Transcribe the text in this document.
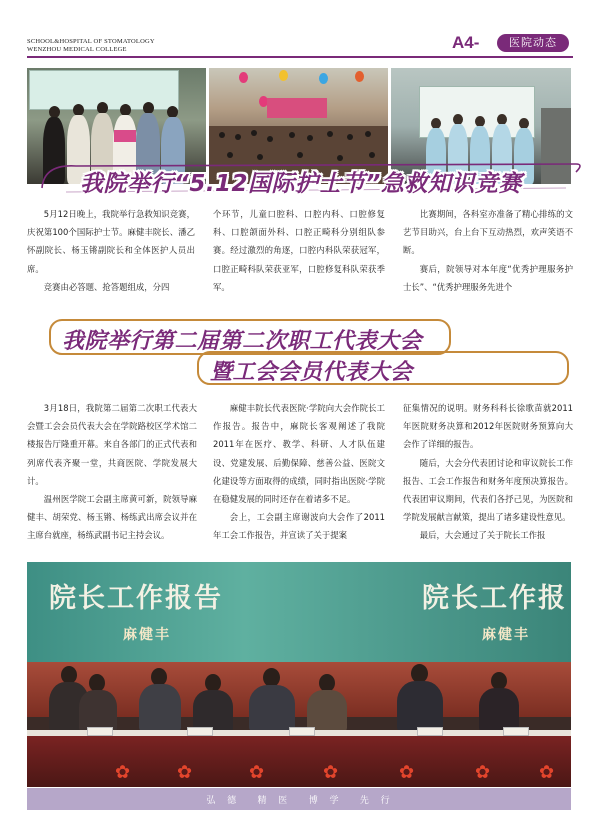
SCHOOL&HOSPITAL OF STOMATOLOGY
WENZHOU MEDICAL COLLEGE	A4-	医院动态
我院举行“5.12国际护士节”急救知识竞赛

5月12日晚上，我院举行急救知识竞赛，庆祝第100个国际护士节。麻健丰院长、潘乙怀副院长、杨玉锵副院长和全体医护人员出席。

竞赛由必答题、抢答题组成，分四

个环节，儿童口腔科、口腔内科、口腔修复科、口腔颌面外科、口腔正畸科分别组队参赛。经过激烈的角逐，口腔内科队荣获冠军，口腔正畸科队荣获亚军，口腔修复科队荣获季军。

比赛期间，各科室亦准备了精心排练的文艺节目助兴，台上台下互动热烈，欢声笑语不断。

赛后，院领导对本年度“优秀护理服务护士长”、“优秀护理服务先进个

我院举行第二届第二次职工代表大会
暨工会会员代表大会

3月18日，我院第二届第二次职工代表大会暨工会会员代表大会在学院路校区学术馆二楼报告厅隆重开幕。来自各部门的正式代表和列席代表齐聚一堂，共商医院、学院发展大计。

温州医学院工会副主席黄可新，院领导麻健丰、胡荣党、杨玉锵、杨练武出席会议并在主席台就座，杨练武副书记主持会议。

麻健丰院长代表医院·学院向大会作院长工作报告。报告中，麻院长客观阐述了我院2011年在医疗、教学、科研、人才队伍建设、党建发展、后勤保障、慈善公益、医院文化建设等方面取得的成绩，同时指出医院·学院在稳健发展的同时还存在着诸多不足。

会上，工会副主席谢波向大会作了2011年工会工作报告，并宣读了关于提案

征集情况的说明。财务科科长徐歌苗就2011年医院财务决算和2012年医院财务预算向大会作了详细的报告。

随后，大会分代表团讨论和审议院长工作报告、工会工作报告和财务年度预决算报告。代表团审议期间，代表们各抒己见，为医院和学院发展献言献策，提出了诸多建设性意见。

最后，大会通过了关于院长工作报

院长工作报告
麻健丰
院长工作报
麻健丰
✿	✿	✿	✿	✿	✿	✿
弘  德    精  医    博  学    先  行
